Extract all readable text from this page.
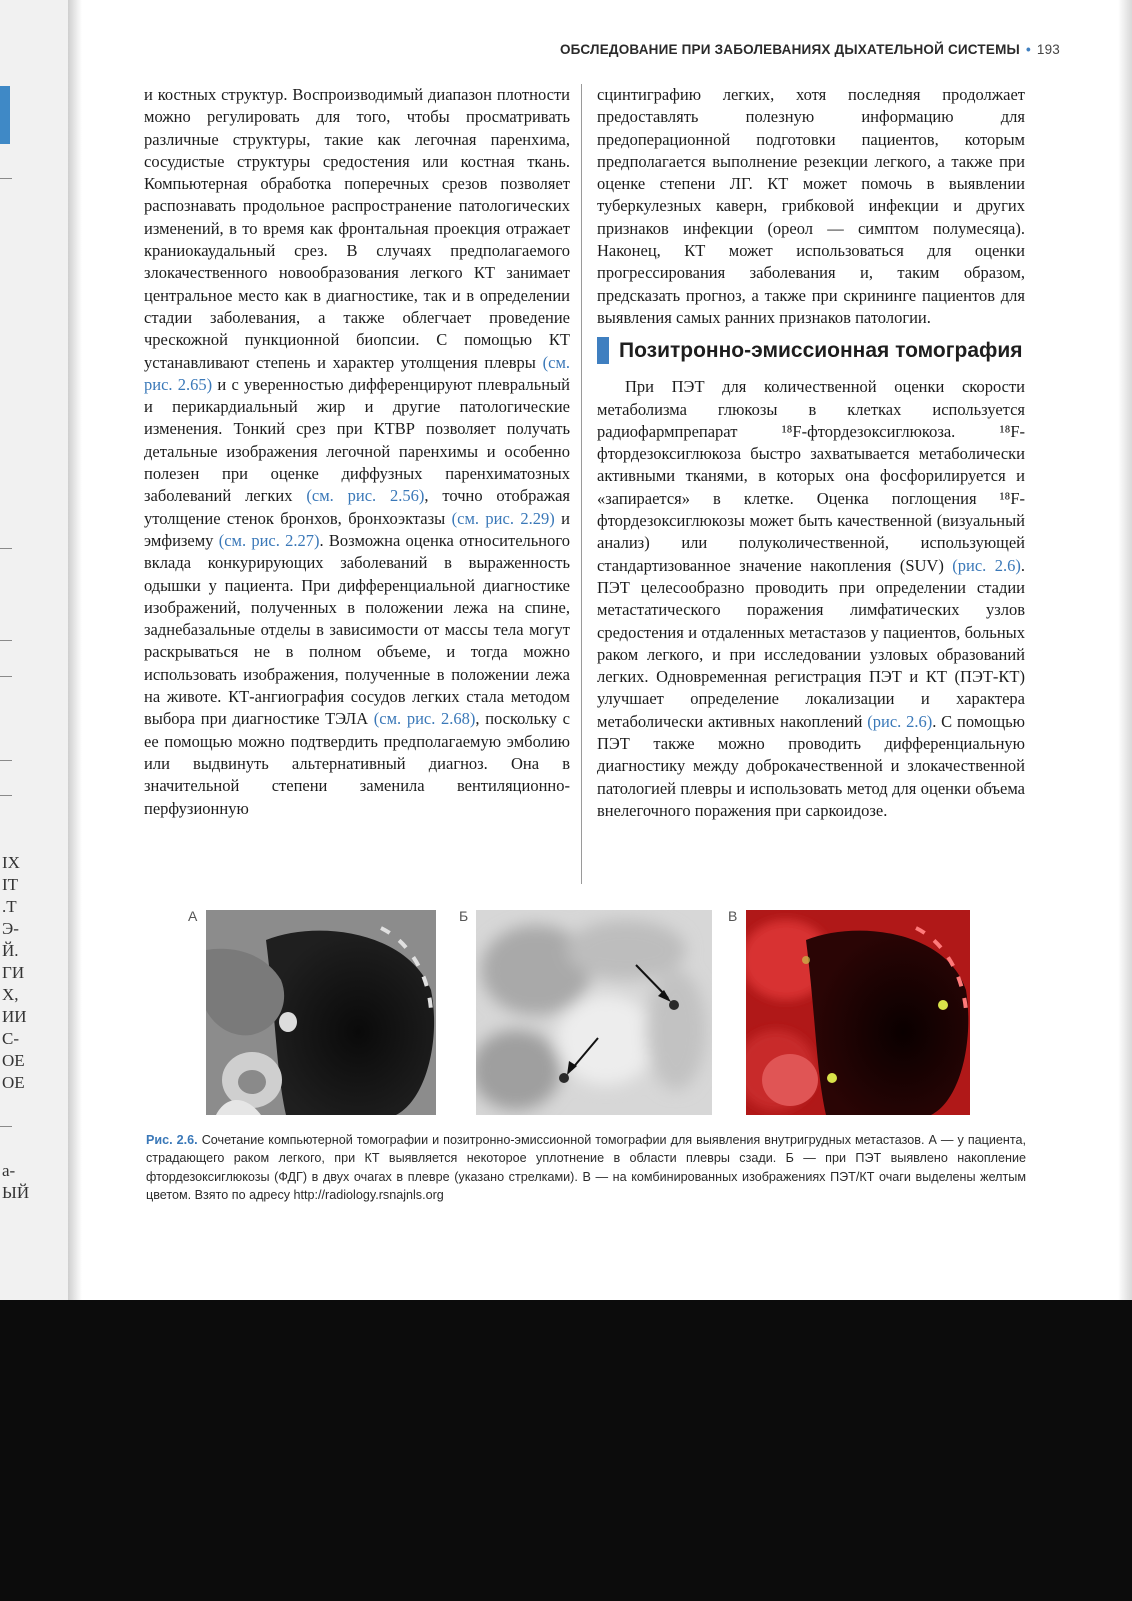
IX
IT
.T
Э-
Й.
ГИ
X,
ИИ
С-
ОЕ
ОЕ
а-
ЫЙ
ОБСЛЕДОВАНИЕ ПРИ ЗАБОЛЕВАНИЯХ ДЫХАТЕЛЬНОЙ СИСТЕМЫ • 193

и костных структур. Воспроизводимый диапазон плотности можно регулировать для того, чтобы просматривать различные структуры, такие как легочная паренхима, сосудистые структуры средостения или костная ткань. Компьютерная обработка поперечных срезов позволяет распознавать продольное распространение патологических изменений, в то время как фронтальная проекция отражает краниокаудальный срез. В случаях предполагаемого злокачественного новообразования легкого КТ занимает центральное место как в диагностике, так и в определении стадии заболевания, а также облегчает проведение чрескожной пункционной биопсии. С помощью КТ устанавливают степень и характер утолщения плевры (см. рис. 2.65) и с уверенностью дифференцируют плевральный и перикардиальный жир и другие патологические изменения. Тонкий срез при КТВР позволяет получать детальные изображения легочной паренхимы и особенно полезен при оценке диффузных паренхиматозных заболеваний легких (см. рис. 2.56), точно отображая утолщение стенок бронхов, бронхоэктазы (см. рис. 2.29) и эмфизему (см. рис. 2.27). Возможна оценка относительного вклада конкурирующих заболеваний в выраженность одышки у пациента. При дифференциальной диагностике изображений, полученных в положении лежа на спине, заднебазальные отделы в зависимости от массы тела могут раскрываться не в полном объеме, и тогда можно использовать изображения, полученные в положении лежа на животе. КТ-ангиография сосудов легких стала методом выбора при диагностике ТЭЛА (см. рис. 2.68), поскольку с ее помощью можно подтвердить предполагаемую эмболию или выдвинуть альтернативный диагноз. Она в значительной степени заменила вентиляционно-перфузионную

сцинтиграфию легких, хотя последняя продолжает предоставлять полезную информацию для предоперационной подготовки пациентов, которым предполагается выполнение резекции легкого, а также при оценке степени ЛГ. КТ может помочь в выявлении туберкулезных каверн, грибковой инфекции и других признаков инфекции (ореол — симптом полумесяца). Наконец, КТ может использоваться для оценки прогрессирования заболевания и, таким образом, предсказать прогноз, а также при скрининге пациентов для выявления самых ранних признаков патологии.

Позитронно-эмиссионная томография

При ПЭТ для количественной оценки скорости метаболизма глюкозы в клетках используется радиофармпрепарат ¹⁸F-фтордезоксиглюкоза. ¹⁸F-фтордезоксиглюкоза быстро захватывается метаболически активными тканями, в которых она фосфорилируется и «запирается» в клетке. Оценка поглощения ¹⁸F-фтордезоксиглюкозы может быть качественной (визуальный анализ) или полуколичественной, использующей стандартизованное значение накопления (SUV) (рис. 2.6). ПЭТ целесообразно проводить при определении стадии метастатического поражения лимфатических узлов средостения и отдаленных метастазов у пациентов, больных раком легкого, и при исследовании узловых образований легких. Одновременная регистрация ПЭТ и КТ (ПЭТ-КТ) улучшает определение локализации и характера метаболически активных накоплений (рис. 2.6). С помощью ПЭТ также можно проводить дифференциальную диагностику между доброкачественной и злокачественной патологией плевры и использовать метод для оценки объема внелегочного поражения при саркоидозе.

А	Б	В
Рис. 2.6. Сочетание компьютерной томографии и позитронно-эмиссионной томографии для выявления внутригрудных метастазов. А — у пациента, страдающего раком легкого, при КТ выявляется некоторое уплотнение в области плевры сзади. Б — при ПЭТ выявлено накопление фтордезоксиглюкозы (ФДГ) в двух очагах в плевре (указано стрелками). В — на комбинированных изображениях ПЭТ/КТ очаги выделены желтым цветом. Взято по адресу http://radiology.rsnajnls.org
